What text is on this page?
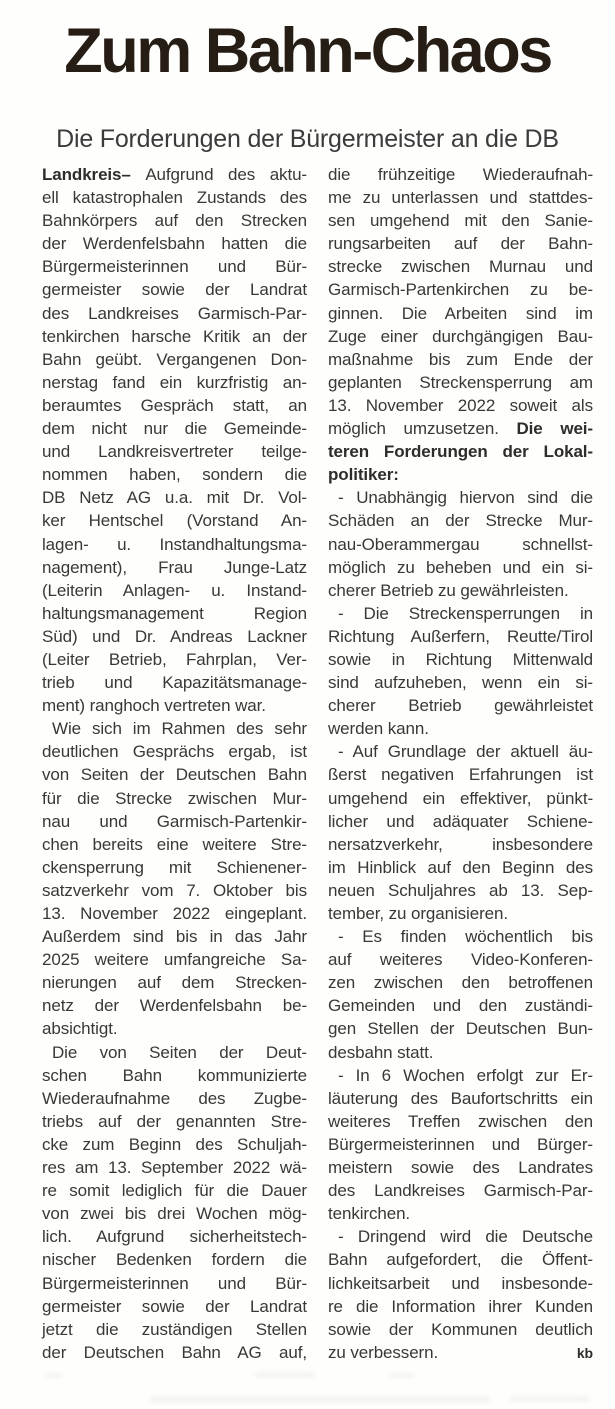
Zum Bahn-Chaos
Die Forderungen der Bürgermeister an die DB
Landkreis– Aufgrund des aktu-
ell katastrophalen Zustands des
Bahnkörpers auf den Strecken
der Werdenfelsbahn hatten die
Bürgermeisterinnen und Bür-
germeister sowie der Landrat
des Landkreises Garmisch-Par-
tenkirchen harsche Kritik an der
Bahn geübt. Vergangenen Don-
nerstag fand ein kurzfristig an-
beraumtes Gespräch statt, an
dem nicht nur die Gemeinde-
und Landkreisvertreter teilge-
nommen haben, sondern die
DB Netz AG u.a. mit Dr. Vol-
ker Hentschel (Vorstand An-
lagen- u. Instandhaltungsma-
nagement), Frau Junge-Latz
(Leiterin Anlagen- u. Instand-
haltungsmanagement Region
Süd) und Dr. Andreas Lackner
(Leiter Betrieb, Fahrplan, Ver-
trieb und Kapazitätsmanage-
ment) ranghoch vertreten war.
Wie sich im Rahmen des sehr
deutlichen Gesprächs ergab, ist
von Seiten der Deutschen Bahn
für die Strecke zwischen Mur-
nau und Garmisch-Partenkir-
chen bereits eine weitere Stre-
ckensperrung mit Schienener-
satzverkehr vom 7. Oktober bis
13. November 2022 eingeplant.
Außerdem sind bis in das Jahr
2025 weitere umfangreiche Sa-
nierungen auf dem Strecken-
netz der Werdenfelsbahn be-
absichtigt.
Die von Seiten der Deut-
schen Bahn kommunizierte
Wiederaufnahme des Zugbe-
triebs auf der genannten Stre-
cke zum Beginn des Schuljah-
res am 13. September 2022 wä-
re somit lediglich für die Dauer
von zwei bis drei Wochen mög-
lich. Aufgrund sicherheitstech-
nischer Bedenken fordern die
Bürgermeisterinnen und Bür-
germeister sowie der Landrat
jetzt die zuständigen Stellen
der Deutschen Bahn AG auf,
die frühzeitige Wiederaufnah-
me zu unterlassen und stattdes-
sen umgehend mit den Sanie-
rungsarbeiten auf der Bahn-
strecke zwischen Murnau und
Garmisch-Partenkirchen zu be-
ginnen. Die Arbeiten sind im
Zuge einer durchgängigen Bau-
maßnahme bis zum Ende der
geplanten Streckensperrung am
13. November 2022 soweit als
möglich umzusetzen. Die wei-
teren Forderungen der Lokal-
politiker:
- Unabhängig hiervon sind die
Schäden an der Strecke Mur-
nau-Oberammergau schnellst-
möglich zu beheben und ein si-
cherer Betrieb zu gewährleisten.
- Die Streckensperrungen in
Richtung Außerfern, Reutte/Tirol
sowie in Richtung Mittenwald
sind aufzuheben, wenn ein si-
cherer Betrieb gewährleistet
werden kann.
- Auf Grundlage der aktuell äu-
ßerst negativen Erfahrungen ist
umgehend ein effektiver, pünkt-
licher und adäquater Schiene-
nersatzverkehr, insbesondere
im Hinblick auf den Beginn des
neuen Schuljahres ab 13. Sep-
tember, zu organisieren.
- Es finden wöchentlich bis
auf weiteres Video-Konferen-
zen zwischen den betroffenen
Gemeinden und den zuständi-
gen Stellen der Deutschen Bun-
desbahn statt.
- In 6 Wochen erfolgt zur Er-
läuterung des Baufortschritts ein
weiteres Treffen zwischen den
Bürgermeisterinnen und Bürger-
meistern sowie des Landrates
des Landkreises Garmisch-Par-
tenkirchen.
- Dringend wird die Deutsche
Bahn aufgefordert, die Öffent-
lichkeitsarbeit und insbesonde-
re die Information ihrer Kunden
sowie der Kommunen deutlich
zu verbessern.	kb
